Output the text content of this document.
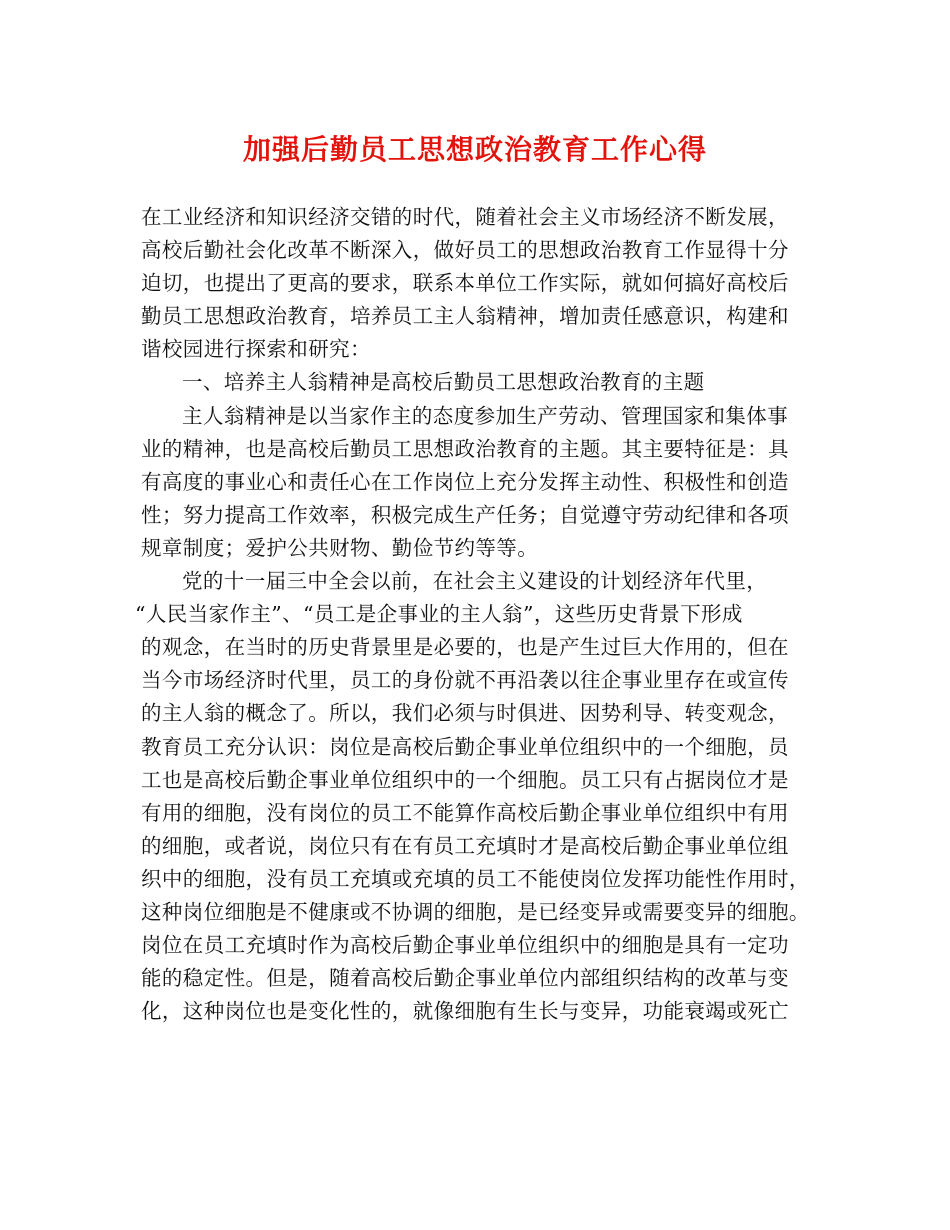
加强后勤员工思想政治教育工作心得
在工业经济和知识经济交错的时代，随着社会主义市场经济不断发展，
高校后勤社会化改革不断深入，做好员工的思想政治教育工作显得十分
迫切，也提出了更高的要求，联系本单位工作实际，就如何搞好高校后
勤员工思想政治教育，培养员工主人翁精神，增加责任感意识，构建和
谐校园进行探索和研究：
一、培养主人翁精神是高校后勤员工思想政治教育的主题
主人翁精神是以当家作主的态度参加生产劳动、管理国家和集体事
业的精神，也是高校后勤员工思想政治教育的主题。其主要特征是：具
有高度的事业心和责任心在工作岗位上充分发挥主动性、积极性和创造
性；努力提高工作效率，积极完成生产任务；自觉遵守劳动纪律和各项
规章制度；爱护公共财物、勤俭节约等等。
党的十一届三中全会以前，在社会主义建设的计划经济年代里，
“人民当家作主”、“员工是企事业的主人翁”，这些历史背景下形成
的观念，在当时的历史背景里是必要的，也是产生过巨大作用的，但在
当今市场经济时代里，员工的身份就不再沿袭以往企事业里存在或宣传
的主人翁的概念了。所以，我们必须与时俱进、因势利导、转变观念，
教育员工充分认识：岗位是高校后勤企事业单位组织中的一个细胞，员
工也是高校后勤企事业单位组织中的一个细胞。员工只有占据岗位才是
有用的细胞，没有岗位的员工不能算作高校后勤企事业单位组织中有用
的细胞，或者说，岗位只有在有员工充填时才是高校后勤企事业单位组
织中的细胞，没有员工充填或充填的员工不能使岗位发挥功能性作用时，
这种岗位细胞是不健康或不协调的细胞，是已经变异或需要变异的细胞。
岗位在员工充填时作为高校后勤企事业单位组织中的细胞是具有一定功
能的稳定性。但是，随着高校后勤企事业单位内部组织结构的改革与变
化，这种岗位也是变化性的，就像细胞有生长与变异，功能衰竭或死亡
